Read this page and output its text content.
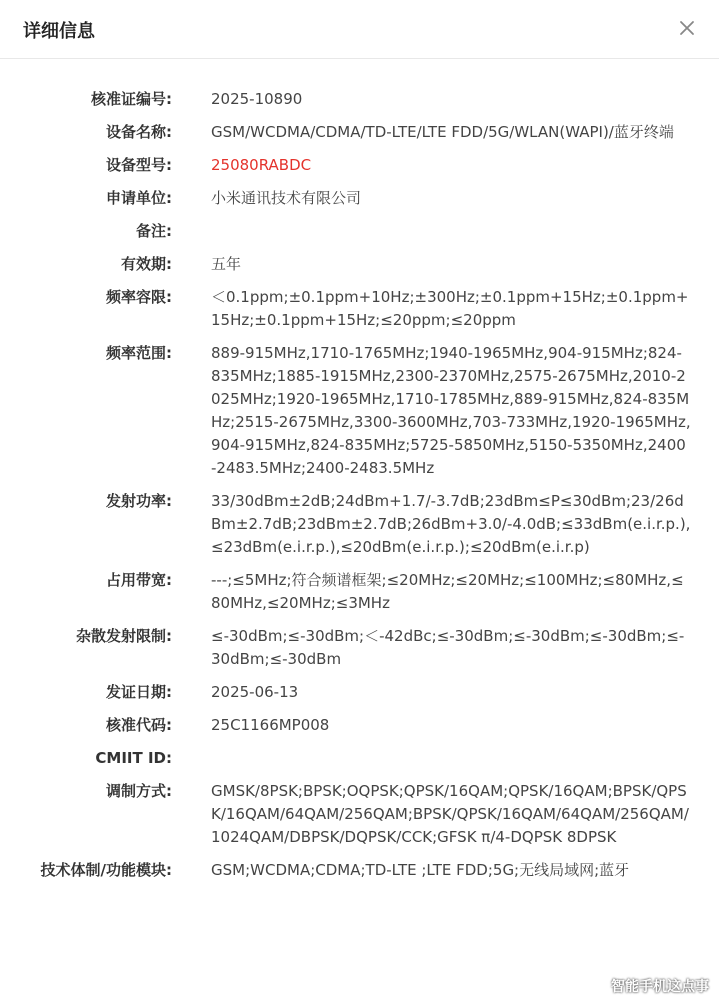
详细信息
核准证编号:	2025-10890
设备名称:	GSM/WCDMA/CDMA/TD-LTE/LTE FDD/5G/WLAN(WAPI)/蓝牙终端
设备型号:	25080RABDC
申请单位:	小米通讯技术有限公司
备注:
有效期:	五年
频率容限:	＜0.1ppm;±0.1ppm+10Hz;±300Hz;±0.1ppm+15Hz;±0.1ppm+15Hz;±0.1ppm+15Hz;≤20ppm;≤20ppm
频率范围:	889-915MHz,1710-1765MHz;1940-1965MHz,904-915MHz;824-835MHz;1885-1915MHz,2300-2370MHz,2575-2675MHz,2010-2025MHz;1920-1965MHz,1710-1785MHz,889-915MHz,824-835MHz;2515-2675MHz,3300-3600MHz,703-733MHz,1920-1965MHz,904-915MHz,824-835MHz;5725-5850MHz,5150-5350MHz,2400-2483.5MHz;2400-2483.5MHz
发射功率:	33/30dBm±2dB;24dBm+1.7/-3.7dB;23dBm≤P≤30dBm;23/26dBm±2.7dB;23dBm±2.7dB;26dBm+3.0/-4.0dB;≤33dBm(e.i.r.p.),≤23dBm(e.i.r.p.),≤20dBm(e.i.r.p.);≤20dBm(e.i.r.p)
占用带宽:	---;≤5MHz;符合频谱框架;≤20MHz;≤20MHz;≤100MHz;≤80MHz,≤80MHz,≤20MHz;≤3MHz
杂散发射限制:	≤-30dBm;≤-30dBm;＜-42dBc;≤-30dBm;≤-30dBm;≤-30dBm;≤-30dBm;≤-30dBm
发证日期:	2025-06-13
核准代码:	25C1166MP008
CMIIT ID:
调制方式:	GMSK/8PSK;BPSK;OQPSK;QPSK/16QAM;QPSK/16QAM;BPSK/QPSK/16QAM/64QAM/256QAM;BPSK/QPSK/16QAM/64QAM/256QAM/1024QAM/DBPSK/DQPSK/CCK;GFSK π/4-DQPSK 8DPSK
技术体制/功能模块:	GSM;WCDMA;CDMA;TD-LTE ;LTE FDD;5G;无线局域网;蓝牙
智能手机这点事
